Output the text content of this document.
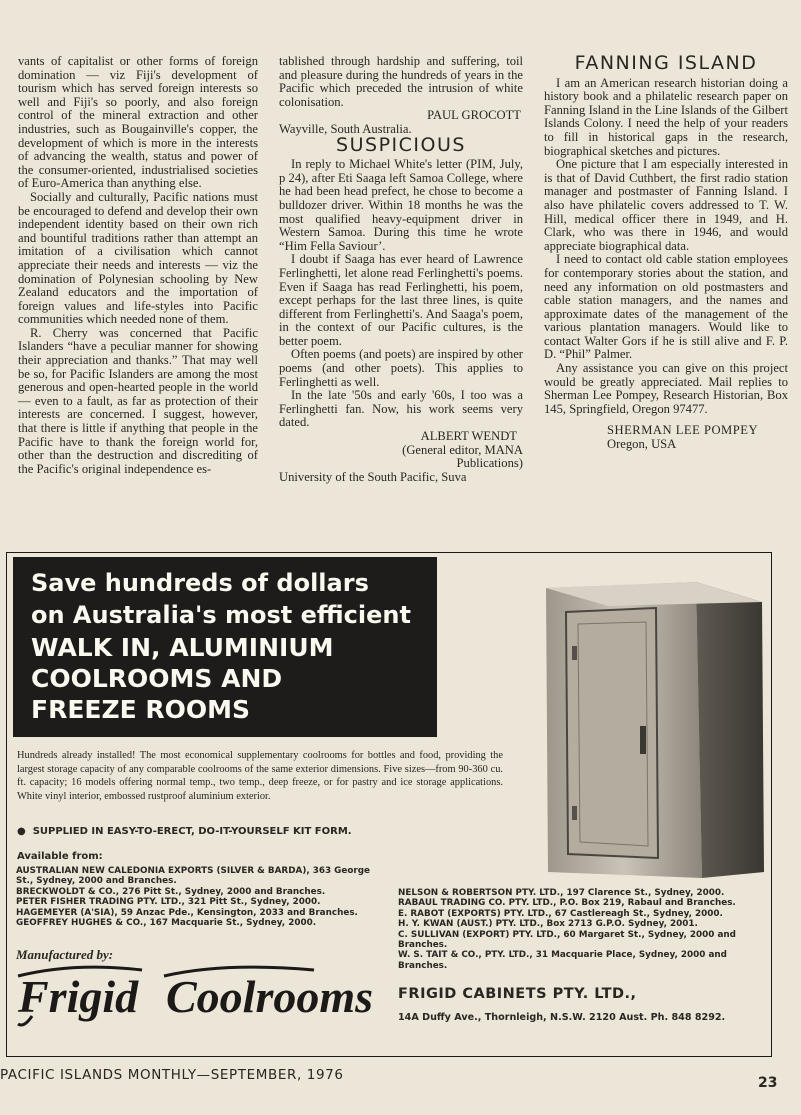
vants of capitalist or other forms of foreign domination — viz Fiji's development of tourism which has served foreign interests so well and Fiji's so poorly, and also foreign control of the mineral extraction and other industries, such as Bougainville's copper, the development of which is more in the interests of advancing the wealth, status and power of the consumer-oriented, industrialised societies of Euro-America than anything else.

Socially and culturally, Pacific nations must be encouraged to defend and develop their own independent identity based on their own rich and bountiful traditions rather than attempt an imitation of a civilisation which cannot appreciate their needs and interests — viz the domination of Polynesian schooling by New Zealand educators and the importation of foreign values and life-styles into Pacific communities which needed none of them.

R. Cherry was concerned that Pacific Islanders “have a peculiar manner for showing their appreciation and thanks.” That may well be so, for Pacific Islanders are among the most generous and open-hearted people in the world — even to a fault, as far as protection of their interests are concerned. I suggest, however, that there is little if anything that people in the Pacific have to thank the foreign world for, other than the destruction and discrediting of the Pacific's original independence es-

tablished through hardship and suffering, toil and pleasure during the hundreds of years in the Pacific which preceded the intrusion of white colonisation.

PAUL GROCOTT

Wayville, South Australia.

SUSPICIOUS

In reply to Michael White's letter (PIM, July, p 24), after Eti Saaga left Samoa College, where he had been head prefect, he chose to become a bulldozer driver. Within 18 months he was the most qualified heavy-equipment driver in Western Samoa. During this time he wrote “Him Fella Saviour’.

I doubt if Saaga has ever heard of Lawrence Ferlinghetti, let alone read Ferlinghetti's poems. Even if Saaga has read Ferlinghetti, his poem, except perhaps for the last three lines, is quite different from Ferlinghetti's. And Saaga's poem, in the context of our Pacific cultures, is the better poem.

Often poems (and poets) are inspired by other poems (and other poets). This applies to Ferlinghetti as well.

In the late '50s and early '60s, I too was a Ferlinghetti fan. Now, his work seems very dated.

ALBERT WENDT

(General editor, MANA

Publications)

University of the South Pacific, Suva

FANNING ISLAND

I am an American research historian doing a history book and a philatelic research paper on Fanning Island in the Line Islands of the Gilbert Islands Colony. I need the help of your readers to fill in historical gaps in the research, biographical sketches and pictures.

One picture that I am especially interested in is that of David Cuthbert, the first radio station manager and postmaster of Fanning Island. I also have philatelic covers addressed to T. W. Hill, medical officer there in 1949, and H. Clark, who was there in 1946, and would appreciate biographical data.

I need to contact old cable station employees for contemporary stories about the station, and need any information on old postmasters and cable station managers, and the names and approximate dates of the management of the various plantation managers. Would like to contact Walter Gors if he is still alive and F. P. D. “Phil” Palmer.

Any assistance you can give on this project would be greatly appreciated. Mail replies to Sherman Lee Pompey, Research Historian, Box 145, Springfield, Oregon 97477.

SHERMAN LEE POMPEY

Oregon, USA

Save hundreds of dollars
on Australia's most efficient
WALK IN, ALUMINIUM
COOLROOMS AND
FREEZE ROOMS
Hundreds already installed! The most economical supplementary coolrooms for bottles and food, providing the largest storage capacity of any comparable coolrooms of the same exterior dimensions. Five sizes—from 90-360 cu. ft. capacity; 16 models offering normal temp., two temp., deep freeze, or for pastry and ice storage applications. White vinyl interior, embossed rustproof aluminium exterior.
●  SUPPLIED IN EASY-TO-ERECT, DO-IT-YOURSELF KIT FORM.
Available from:
AUSTRALIAN NEW CALEDONIA EXPORTS (SILVER & BARDA), 363 George St., Sydney, 2000 and Branches.
BRECKWOLDT & CO., 276 Pitt St., Sydney, 2000 and Branches.
PETER FISHER TRADING PTY. LTD., 321 Pitt St., Sydney, 2000.
HAGEMEYER (A'SIA), 59 Anzac Pde., Kensington, 2033 and Branches.
GEOFFREY HUGHES & CO., 167 Macquarie St., Sydney, 2000.
Manufactured by:
NELSON & ROBERTSON PTY. LTD., 197 Clarence St., Sydney, 2000.
RABAUL TRADING CO. PTY. LTD., P.O. Box 219, Rabaul and Branches.
E. RABOT (EXPORTS) PTY. LTD., 67 Castlereagh St., Sydney, 2000.
H. Y. KWAN (AUST.) PTY. LTD., Box 2713 G.P.O. Sydney, 2001.
C. SULLIVAN (EXPORT) PTY. LTD., 60 Margaret St., Sydney, 2000 and Branches.
W. S. TAIT & CO., PTY. LTD., 31 Macquarie Place, Sydney, 2000 and Branches.
Frigid Coolrooms FRIGID CABINETS PTY. LTD.,
14A Duffy Ave., Thornleigh, N.S.W. 2120 Aust. Ph. 848 8292.
PACIFIC ISLANDS MONTHLY—SEPTEMBER, 1976	23
